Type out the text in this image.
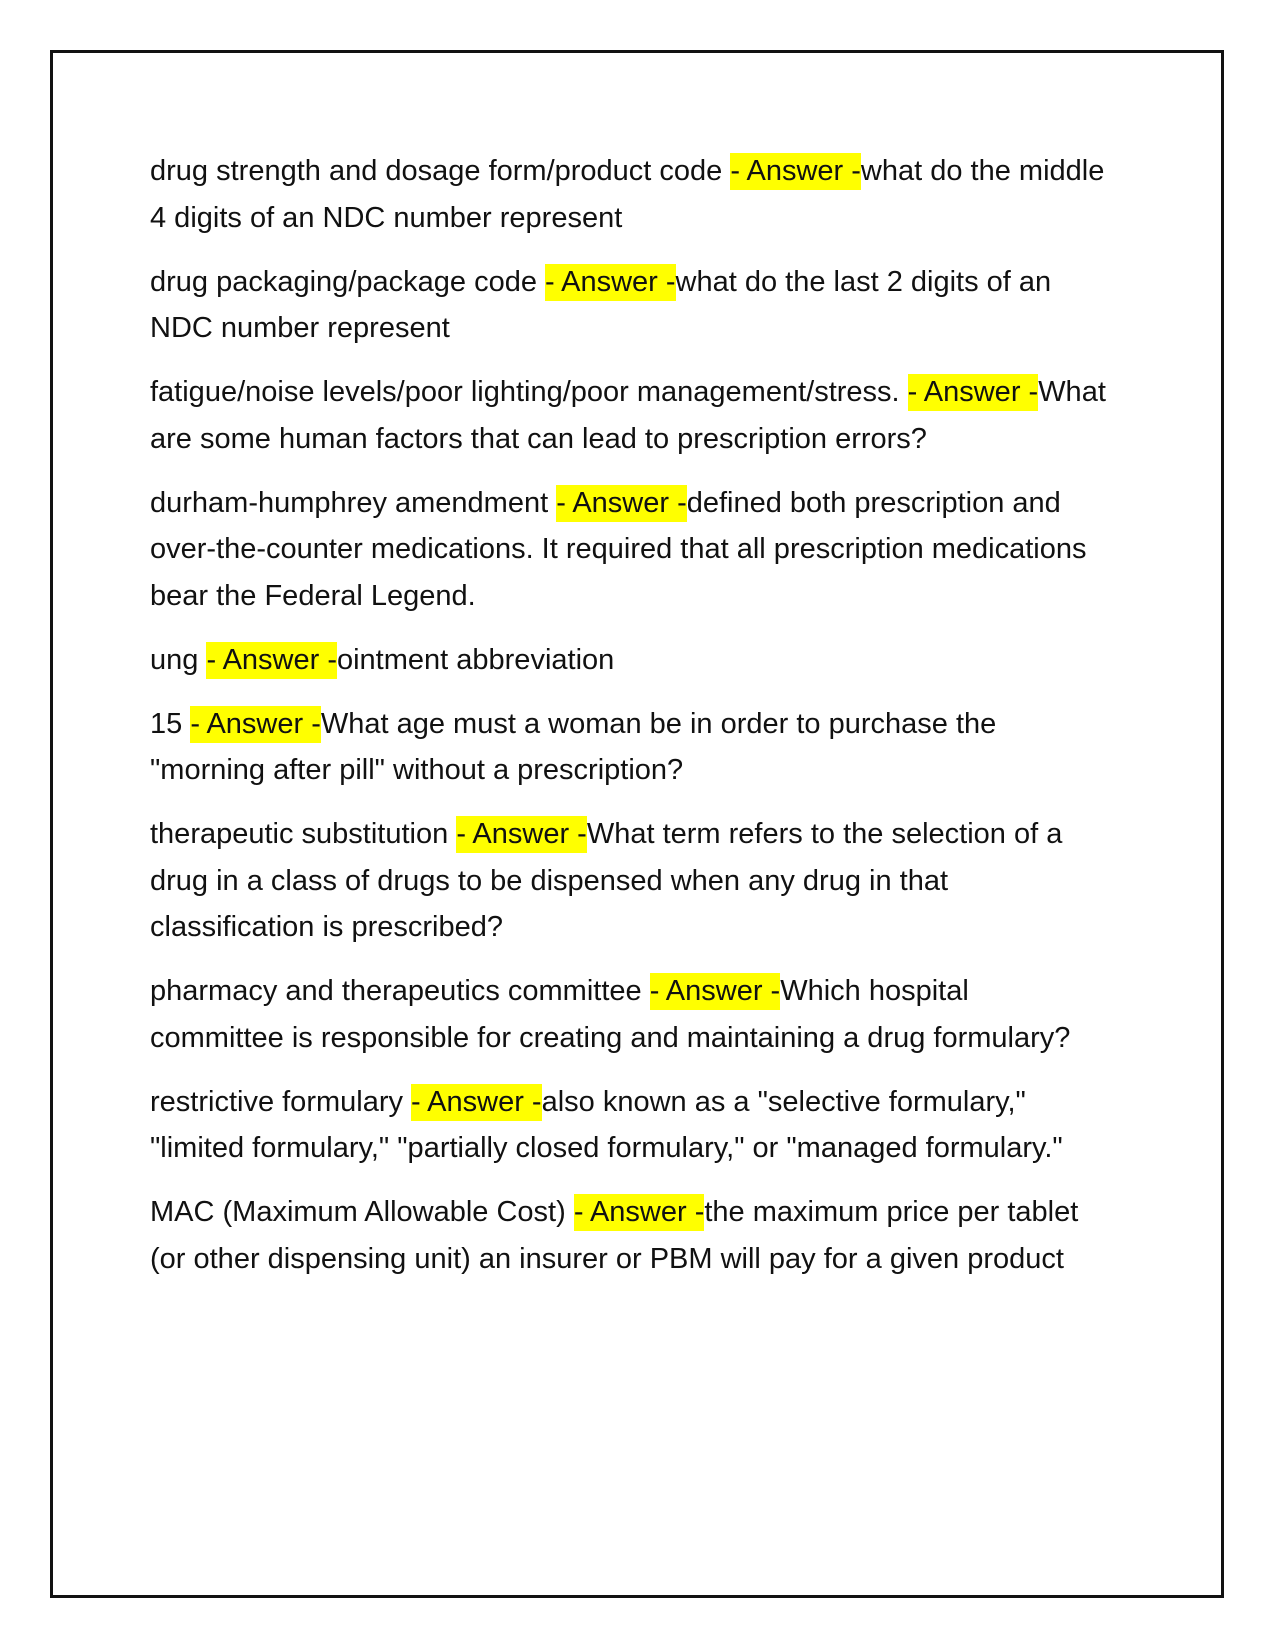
drug strength and dosage form/product code - Answer -what do the middle 4 digits of an NDC number represent

drug packaging/package code - Answer -what do the last 2 digits of an NDC number represent

fatigue/noise levels/poor lighting/poor management/stress. - Answer -What are some human factors that can lead to prescription errors?

durham-humphrey amendment - Answer -defined both prescription and over-the-counter medications. It required that all prescription medications bear the Federal Legend.

ung - Answer -ointment abbreviation

15 - Answer -What age must a woman be in order to purchase the "morning after pill" without a prescription?

therapeutic substitution - Answer -What term refers to the selection of a drug in a class of drugs to be dispensed when any drug in that classification is prescribed?

pharmacy and therapeutics committee - Answer -Which hospital committee is responsible for creating and maintaining a drug formulary?

restrictive formulary - Answer -also known as a "selective formulary," "limited formulary," "partially closed formulary," or "managed formulary."

MAC (Maximum Allowable Cost) - Answer -the maximum price per tablet (or other dispensing unit) an insurer or PBM will pay for a given product
